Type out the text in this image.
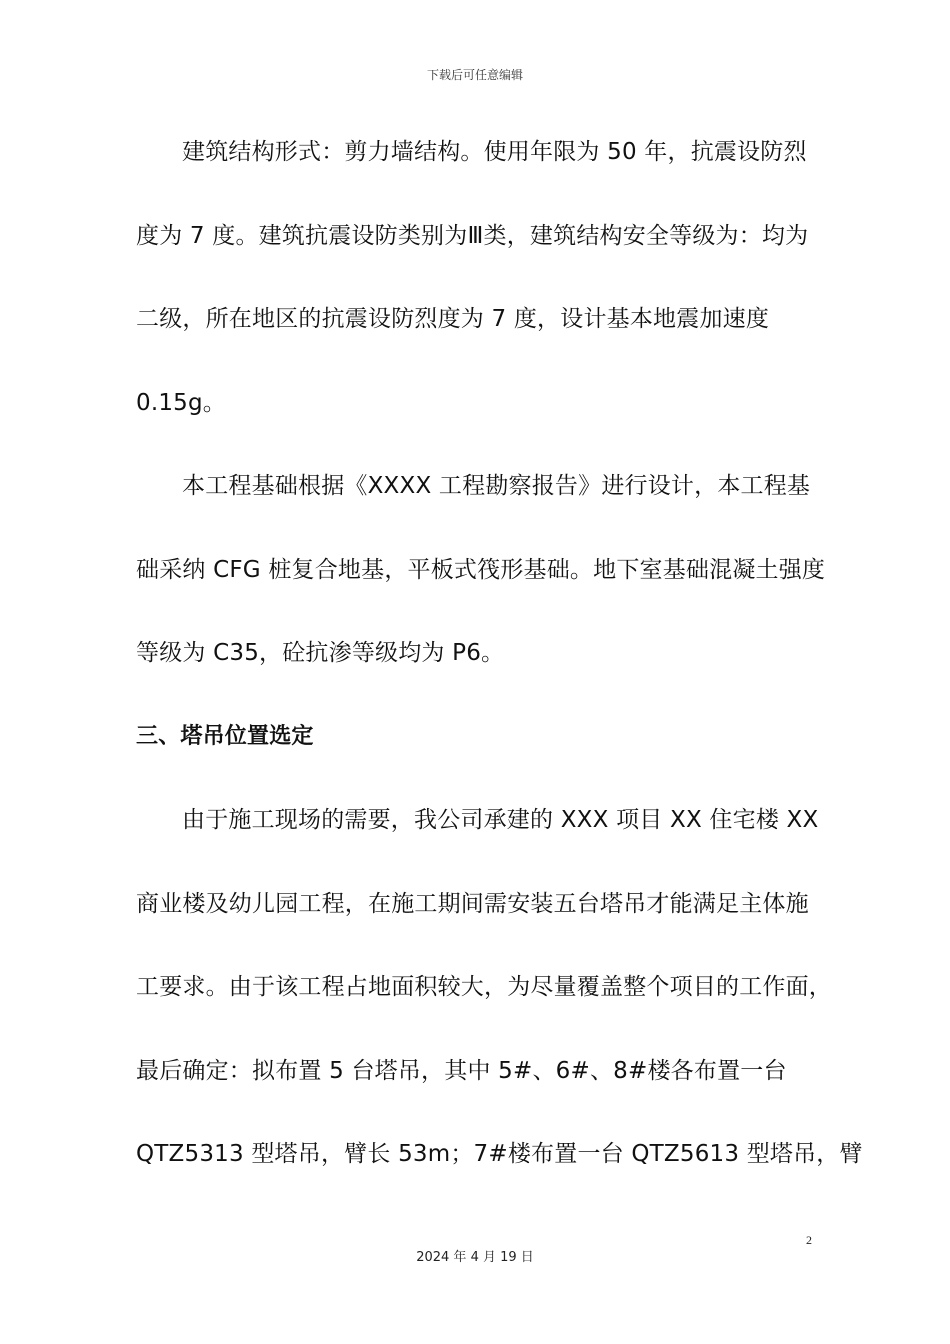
下载后可任意编辑
建筑结构形式：剪力墙结构。使用年限为 50 年，抗震设防烈
度为 7 度。建筑抗震设防类别为Ⅲ类，建筑结构安全等级为：均为
二级，所在地区的抗震设防烈度为 7 度，设计基本地震加速度
0.15g。
本工程基础根据《XXXX 工程勘察报告》进行设计，本工程基
础采纳 CFG 桩复合地基，平板式筏形基础。地下室基础混凝土强度
等级为 C35，砼抗渗等级均为 P6。
三、塔吊位置选定
由于施工现场的需要，我公司承建的 XXX 项目 XX 住宅楼 XX
商业楼及幼儿园工程，在施工期间需安装五台塔吊才能满足主体施
工要求。由于该工程占地面积较大，为尽量覆盖整个项目的工作面，
最后确定：拟布置 5 台塔吊，其中 5#、6#、8#楼各布置一台
QTZ5313 型塔吊，臂长 53m；7#楼布置一台 QTZ5613 型塔吊，臂
2
2024 年 4 月 19 日
